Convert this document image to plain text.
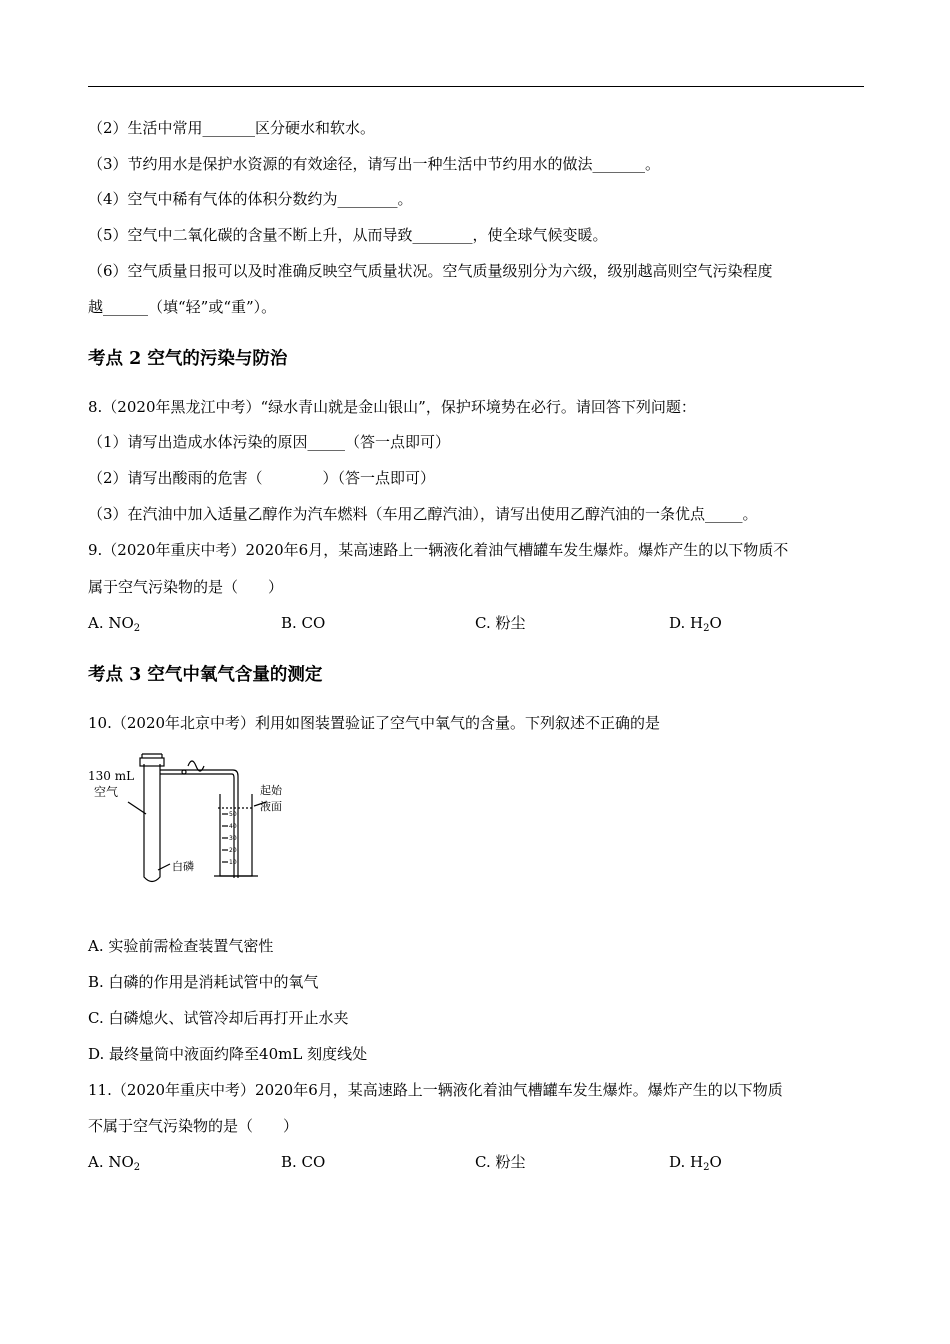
（2）生活中常用_______区分硬水和软水。
（3）节约用水是保护水资源的有效途径，请写出一种生活中节约用水的做法_______。
（4）空气中稀有气体的体积分数约为________。
（5）空气中二氧化碳的含量不断上升，从而导致________，使全球气候变暖。
（6）空气质量日报可以及时准确反映空气质量状况。空气质量级别分为六级，级别越高则空气污染程度
越______（填“轻”或“重”）。
考点 2 空气的污染与防治
8.（2020年黑龙江中考）“绿水青山就是金山银山”，保护环境势在必行。请回答下列问题：
（1）请写出造成水体污染的原因_____（答一点即可）
（2）请写出酸雨的危害（　　　　）（答一点即可）
（3）在汽油中加入适量乙醇作为汽车燃料（车用乙醇汽油），请写出使用乙醇汽油的一条优点_____。
9.（2020年重庆中考）2020年6月，某高速路上一辆液化着油气槽罐车发生爆炸。爆炸产生的以下物质不
属于空气污染物的是（　　）
A. $NO_2$	B. CO	C. 粉尘	D. $H_2O$
考点 3 空气中氧气含量的测定
10.（2020年北京中考）利用如图装置验证了空气中氧气的含量。下列叙述不正确的是
130 mL
空气
白磷
起始
液面
50
40
30
20
10
A. 实验前需检查装置气密性
B. 白磷的作用是消耗试管中的氧气
C. 白磷熄火、试管冷却后再打开止水夹
D. 最终量筒中液面约降至40mL 刻度线处
11.（2020年重庆中考）2020年6月，某高速路上一辆液化着油气槽罐车发生爆炸。爆炸产生的以下物质
不属于空气污染物的是（　　）
A. $NO_2$	B. CO	C. 粉尘	D. $H_2O$
